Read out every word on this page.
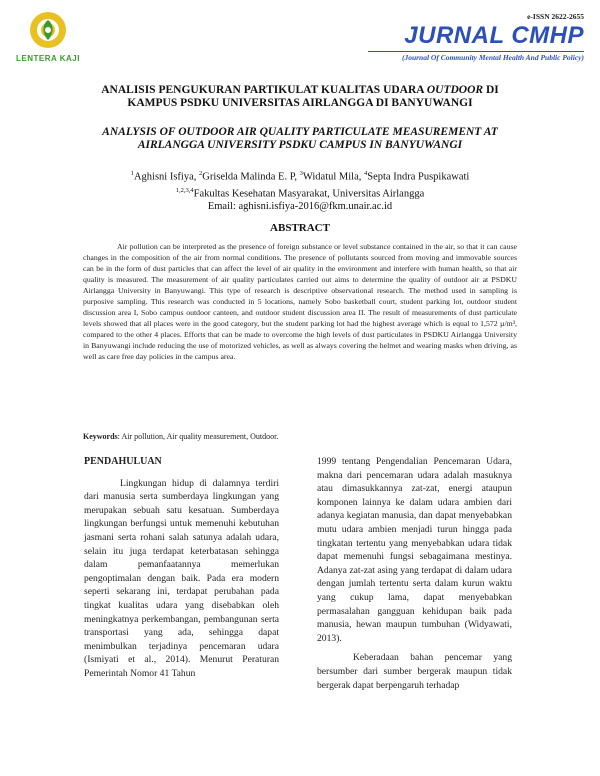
LENTERA KAJI
e-ISSN 2622-2655
JURNAL CMHP
(Journal Of Community Mental Health And Public Policy)
ANALISIS PENGUKURAN PARTIKULAT KUALITAS UDARA OUTDOOR DI
KAMPUS PSDKU UNIVERSITAS AIRLANGGA DI BANYUWANGI
ANALYSIS OF OUTDOOR AIR QUALITY PARTICULATE MEASUREMENT AT
AIRLANGGA UNIVERSITY PSDKU CAMPUS IN BANYUWANGI
$^1$Aghisni Isfiya, $^2$Griselda Malinda E. P, $^3$Widatul Mila, $^4$Septa Indra Puspikawati
$^{1,2,3,4}$Fakultas Kesehatan Masyarakat, Universitas Airlangga
Email: aghisni.isfiya-2016@fkm.unair.ac.id
ABSTRACT

Air pollution can be interpreted as the presence of foreign substance or level substance contained in the air, so that it can cause changes in the composition of the air from normal conditions. The presence of pollutants sourced from moving and immovable sources can be in the form of dust particles that can affect the level of air quality in the environment and interfere with human health, so that air quality is measured. The measurement of air quality particulates carried out aims to determine the quality of outdoor air at PSDKU Airlangga University in Banyuwangi. This type of research is descriptive observational research. The method used in sampling is purposive sampling. This research was conducted in 5 locations, namely Sobo basketball court, student parking lot, outdoor student discussion area I, Sobo campus outdoor canteen, and outdoor student discussion area II. The result of measurements of dust particulate levels showed that all places were in the good category, but the student parking lot had the highest average which is equal to 1,572 µ/m³, compared to the other 4 places. Efforts that can be made to overcome the high levels of dust particulates in PSDKU Airlangga University in Banyuwangi include reducing the use of motorized vehicles, as well as always covering the helmet and wearing masks when driving, as well as care free day policies in the campus area.

Keywords: Air pollution, Air quality measurement, Outdoor.
PENDAHULUAN

Lingkungan hidup di dalamnya terdiri dari manusia serta sumberdaya lingkungan yang merupakan sebuah satu kesatuan. Sumberdaya lingkungan berfungsi untuk memenuhi kebutuhan jasmani serta rohani salah satunya adalah udara, selain itu juga terdapat keterbatasan sehingga dalam pemanfaatannya memerlukan pengoptimalan dengan baik. Pada era modern seperti sekarang ini, terdapat perubahan pada tingkat kualitas udara yang disebabkan oleh meningkatnya perkembangan, pembangunan serta transportasi yang ada, sehingga dapat menimbulkan terjadinya pencemaran udara (Ismiyati et al., 2014). Menurut Peraturan Pemerintah Nomor 41 Tahun

1999 tentang Pengendalian Pencemaran Udara, makna dari pencemaran udara adalah masuknya atau dimasukkannya zat-zat, energi ataupun komponen lainnya ke dalam udara ambien dari adanya kegiatan manusia, dan dapat menyebabkan mutu udara ambien menjadi turun hingga pada tingkatan tertentu yang menyebabkan udara tidak dapat memenuhi fungsi sebagaimana mestinya. Adanya zat-zat asing yang terdapat di dalam udara dengan jumlah tertentu serta dalam kurun waktu yang cukup lama, dapat menyebabkan permasalahan gangguan kehidupan baik pada manusia, hewan maupun tumbuhan (Widyawati, 2013).

Keberadaan bahan pencemar yang bersumber dari sumber bergerak maupun tidak bergerak dapat berpengaruh terhadap
